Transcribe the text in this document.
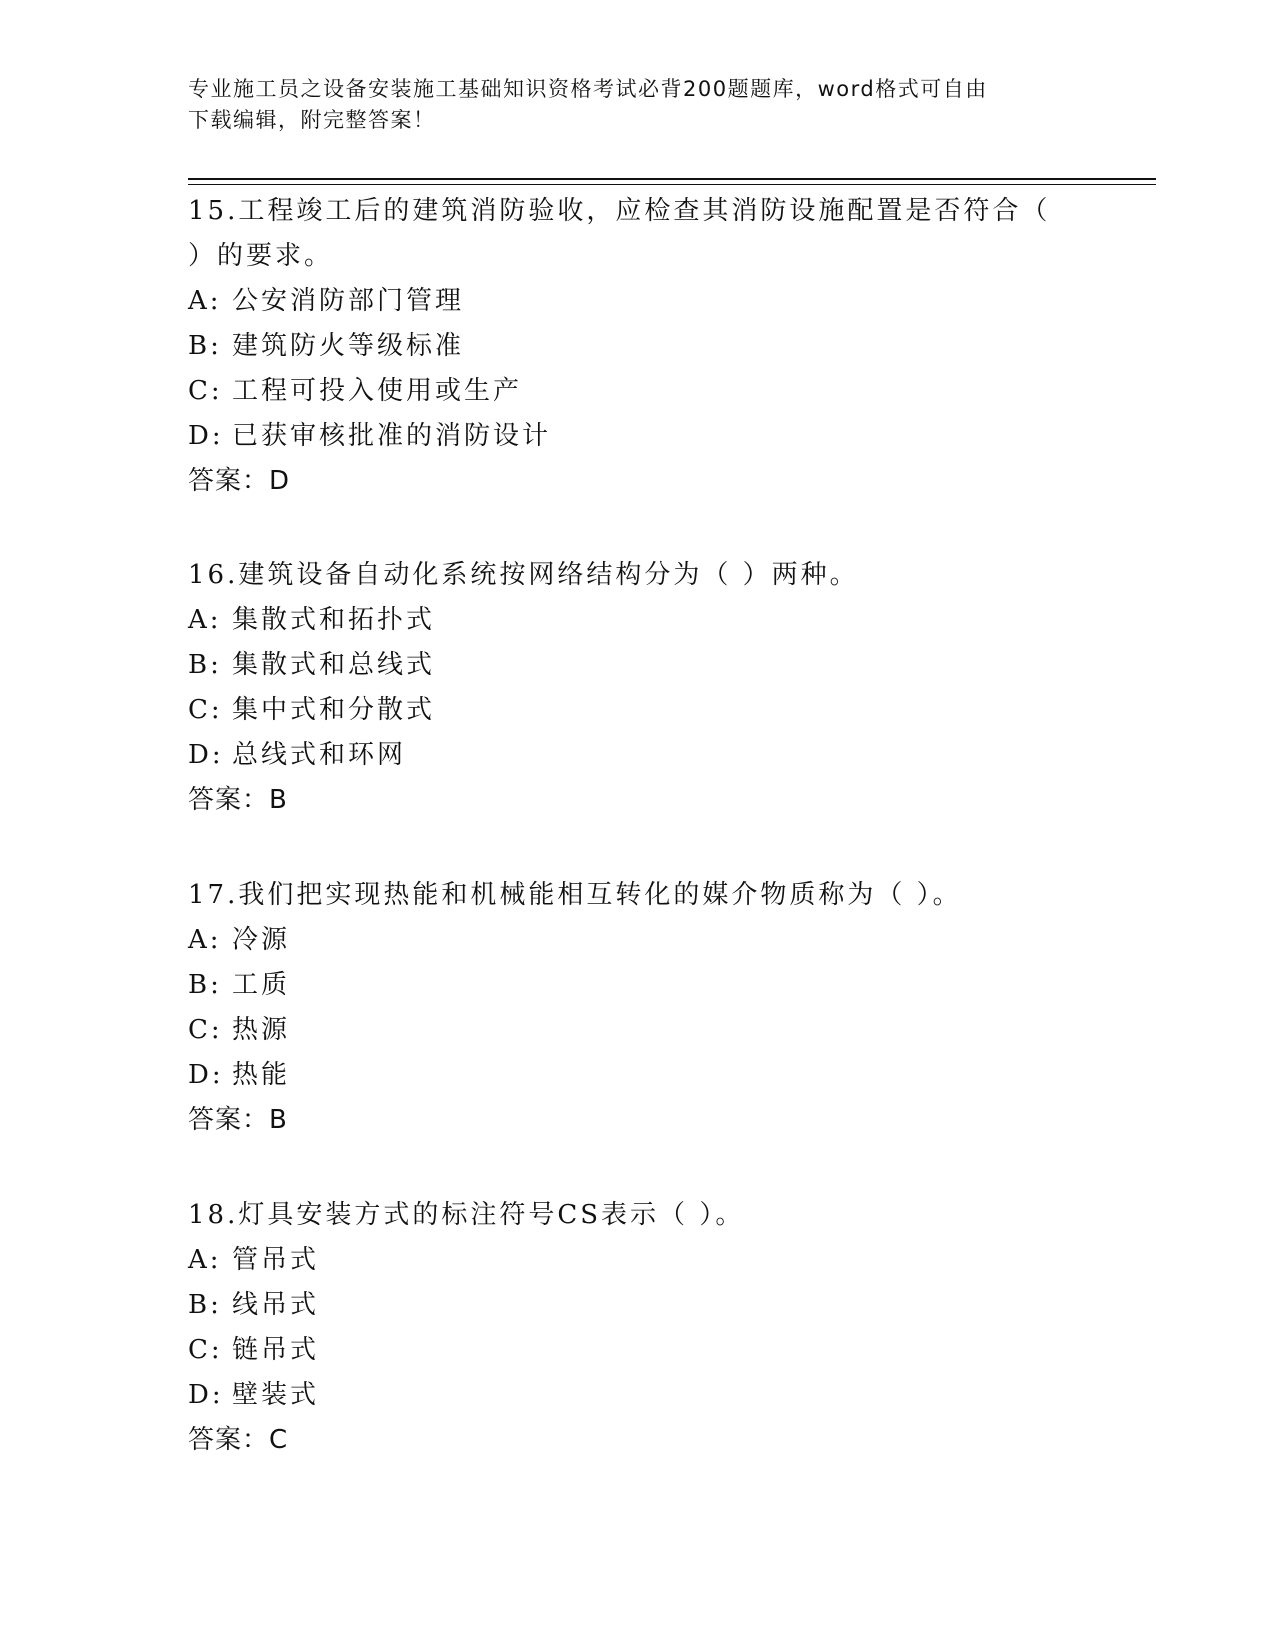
专业施工员之设备安装施工基础知识资格考试必背200题题库，word格式可自由
下载编辑，附完整答案！
15.工程竣工后的建筑消防验收，应检查其消防设施配置是否符合（
）的要求。
A: 公安消防部门管理
B: 建筑防火等级标准
C: 工程可投入使用或生产
D: 已获审核批准的消防设计
答案：D
16.建筑设备自动化系统按网络结构分为（ ）两种。
A: 集散式和拓扑式
B: 集散式和总线式
C: 集中式和分散式
D: 总线式和环网
答案：B
17.我们把实现热能和机械能相互转化的媒介物质称为（ ）。
A: 冷源
B: 工质
C: 热源
D: 热能
答案：B
18.灯具安装方式的标注符号CS表示（ ）。
A: 管吊式
B: 线吊式
C: 链吊式
D: 壁装式
答案：C
